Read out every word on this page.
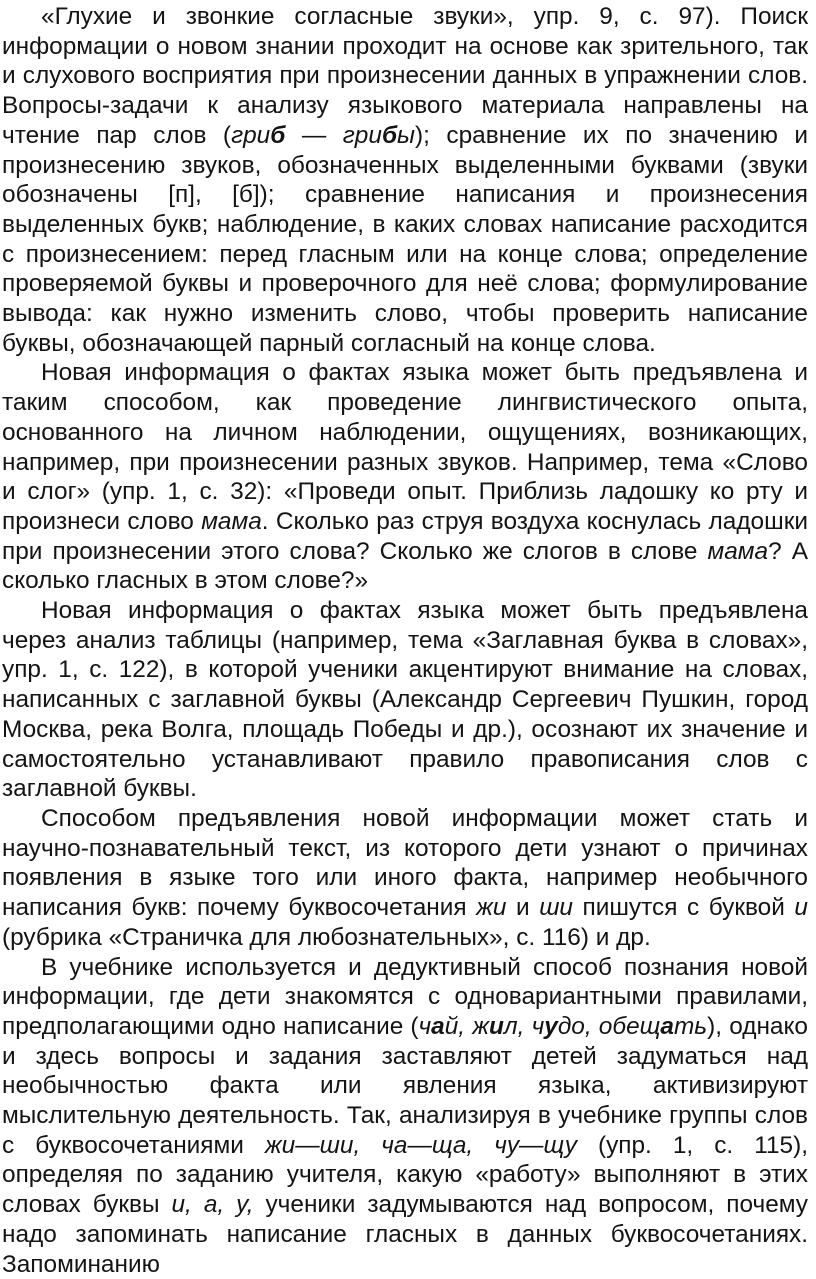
«Глухие и звонкие согласные звуки», упр. 9, с. 97). Поиск информации о новом знании проходит на основе как зрительного, так и слухового восприятия при произнесении данных в упражнении слов. Вопросы-задачи к анализу языкового материала направлены на чтение пар слов (гриб — грибы); сравнение их по значению и произнесению звуков, обозначенных выделенными буквами (звуки обозначены [п], [б]); сравнение написания и произнесения выделенных букв; наблюдение, в каких словах написание расходится с произнесением: перед гласным или на конце слова; определение проверяемой буквы и проверочного для неё слова; формулирование вывода: как нужно изменить слово, чтобы проверить написание буквы, обозначающей парный согласный на конце слова.

Новая информация о фактах языка может быть предъявлена и таким способом, как проведение лингвистического опыта, основанного на личном наблюдении, ощущениях, возникающих, например, при произнесении разных звуков. Например, тема «Слово и слог» (упр. 1, с. 32): «Проведи опыт. Приблизь ладошку ко рту и произнеси слово мама. Сколько раз струя воздуха коснулась ладошки при произнесении этого слова? Сколько же слогов в слове мама? А сколько гласных в этом слове?»

Новая информация о фактах языка может быть предъявлена через анализ таблицы (например, тема «Заглавная буква в словах», упр. 1, с. 122), в которой ученики акцентируют внимание на словах, написанных с заглавной буквы (Александр Сергеевич Пушкин, город Москва, река Волга, площадь Победы и др.), осознают их значение и самостоятельно устанавливают правило правописания слов с заглавной буквы.

Способом предъявления новой информации может стать и научно-познавательный текст, из которого дети узнают о причинах появления в языке того или иного факта, например необычного написания букв: почему буквосочетания жи и ши пишутся с буквой и (рубрика «Страничка для любознательных», с. 116) и др.

В учебнике используется и дедуктивный способ познания новой информации, где дети знакомятся с одновариантными правилами, предполагающими одно написание (чай, жил, чудо, обещать), однако и здесь вопросы и задания заставляют детей задуматься над необычностью факта или явления языка, активизируют мыслительную деятельность. Так, анализируя в учебнике группы слов с буквосочетаниями жи—ши, ча—ща, чу—щу (упр. 1, с. 115), определяя по заданию учителя, какую «работу» выполняют в этих словах буквы и, а, у, ученики задумываются над вопросом, почему надо запоминать написание гласных в данных буквосочетаниях. Запоминанию
